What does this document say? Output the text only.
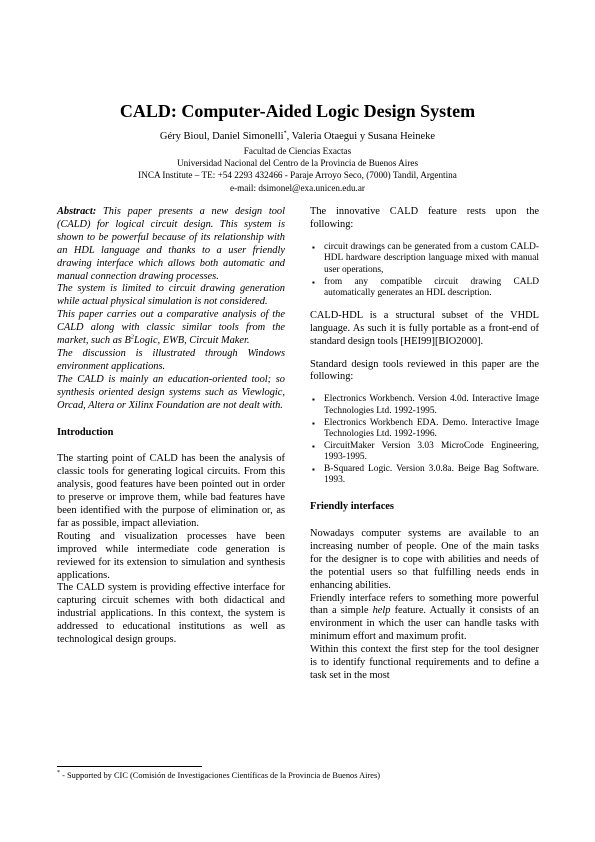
CALD: Computer-Aided Logic Design System
Géry Bioul, Daniel Simonelli*, Valeria Otaegui y Susana Heineke
Facultad de Ciencias Exactas
Universidad Nacional del Centro de la Provincia de Buenos Aires
INCA Institute – TE: +54 2293 432466 - Paraje Arroyo Seco, (7000) Tandil, Argentina
e-mail: dsimonel@exa.unicen.edu.ar

Abstract: This paper presents a new design tool (CALD) for logical circuit design. This system is shown to be powerful because of its relationship with an HDL language and thanks to a user friendly drawing interface which allows both automatic and manual connection drawing processes.

The system is limited to circuit drawing generation while actual physical simulation is not considered.

This paper carries out a comparative analysis of the CALD along with classic similar tools from the market, such as $B^2Logic$, EWB, Circuit Maker.

The discussion is illustrated through Windows environment applications.

The CALD is mainly an education-oriented tool; so synthesis oriented design systems such as Viewlogic, Orcad, Altera or Xilinx Foundation are not dealt with.

Introduction

The starting point of CALD has been the analysis of classic tools for generating logical circuits. From this analysis, good features have been pointed out in order to preserve or improve them, while bad features have been identified with the purpose of elimination or, as far as possible, impact alleviation.

Routing and visualization processes have been improved while intermediate code generation is reviewed for its extension to simulation and synthesis applications.

The CALD system is providing effective interface for capturing circuit schemes with both didactical and industrial applications. In this context, the system is addressed to educational institutions as well as technological design groups.

The innovative CALD feature rests upon the following:

▪ circuit drawings can be generated from a custom CALD-HDL hardware description language mixed with manual user operations,
▪ from any compatible circuit drawing CALD automatically generates an HDL description.

CALD-HDL is a structural subset of the VHDL language. As such it is fully portable as a front-end of standard design tools [HEI99][BIO2000].

Standard design tools reviewed in this paper are the following:

▪ Electronics Workbench. Version 4.0d. Interactive Image Technologies Ltd. 1992-1995.
▪ Electronics Workbench EDA. Demo. Interactive Image Technologies Ltd. 1992-1996.
▪ CircuitMaker Version 3.03 MicroCode Engineering, 1993-1995.
▪ B-Squared Logic. Version 3.0.8a. Beige Bag Software. 1993.

Friendly interfaces

Nowadays computer systems are available to an increasing number of people. One of the main tasks for the designer is to cope with abilities and needs of the potential users so that fulfilling needs ends in enhancing abilities.

Friendly interface refers to something more powerful than a simple help feature. Actually it consists of an environment in which the user can handle tasks with minimum effort and maximum profit.

Within this context the first step for the tool designer is to identify functional requirements and to define a task set in the most

* - Supported by CIC (Comisión de Investigaciones Científicas de la Provincia de Buenos Aires)
